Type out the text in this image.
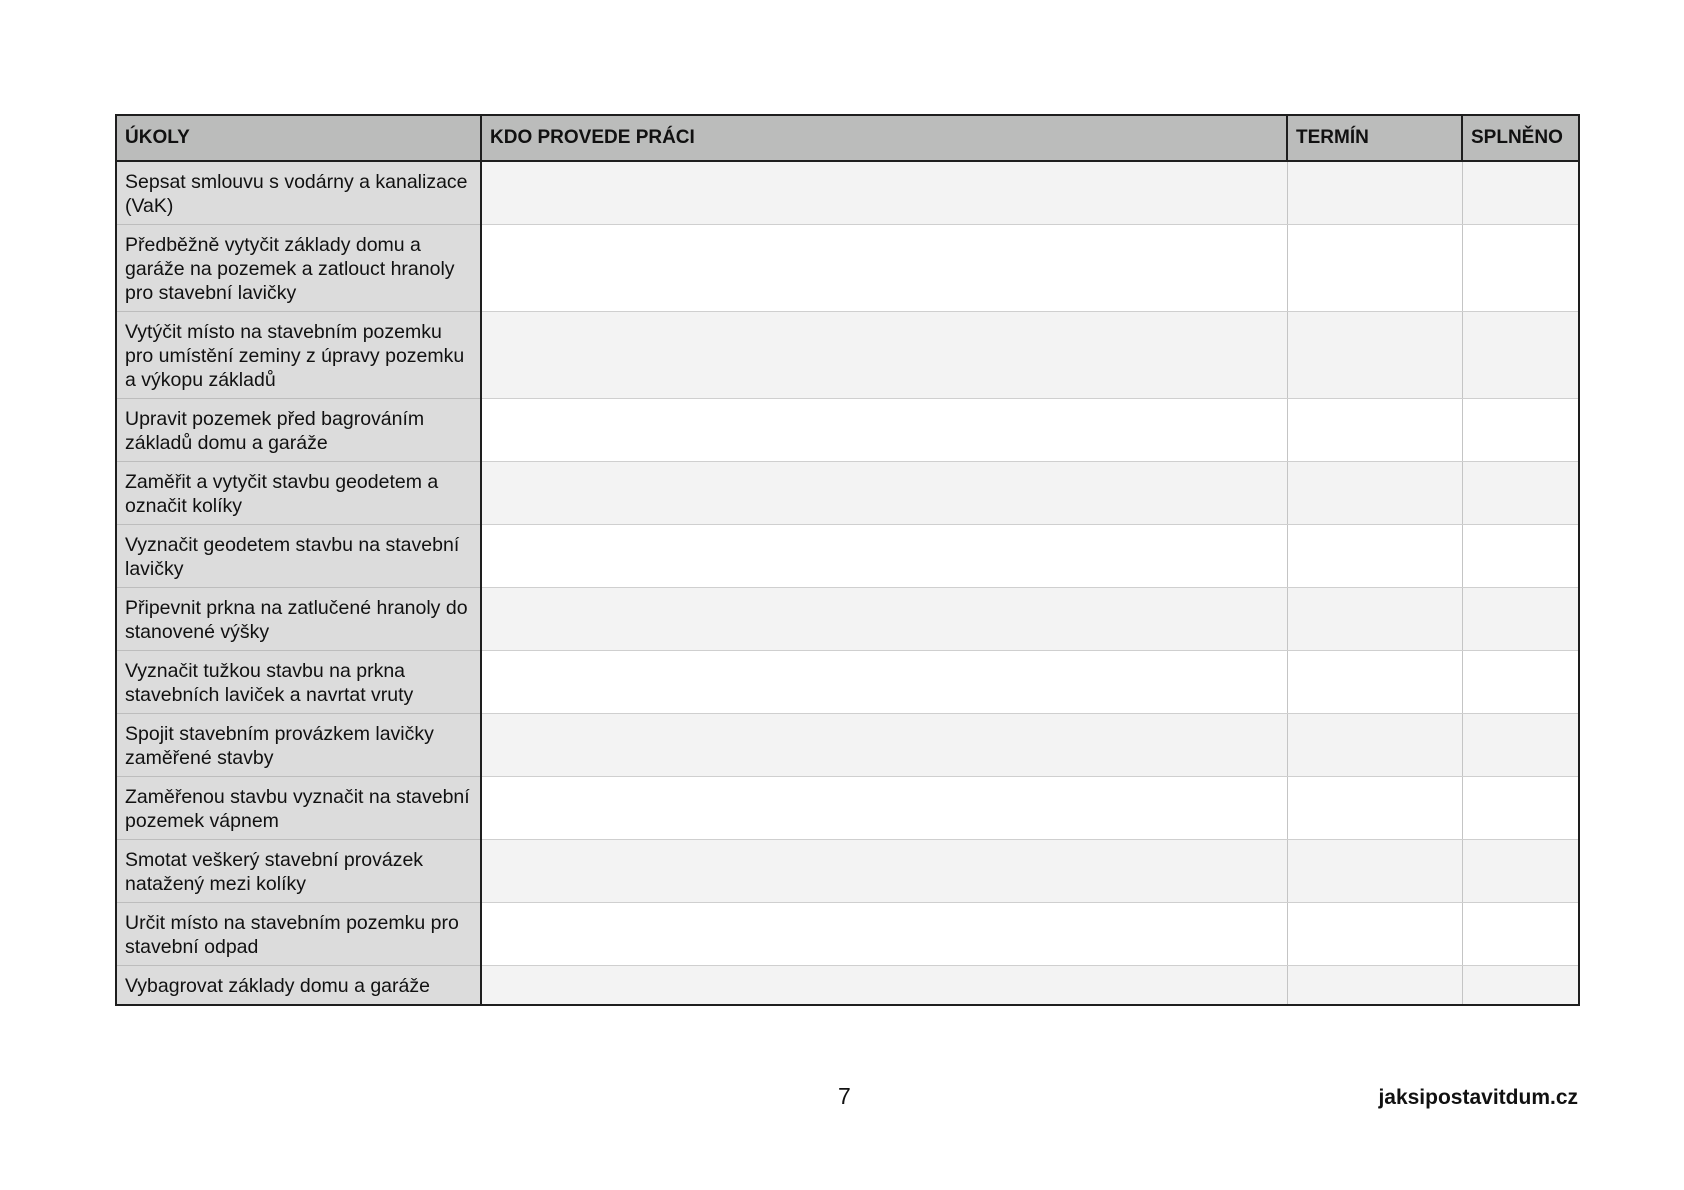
ÚKOLY	KDO PROVEDE PRÁCI	TERMÍN	SPLNĚNO
Sepsat smlouvu s vodárny a kanalizace (VaK)			
Předběžně vytyčit základy domu a garáže na pozemek a zatlouct hranoly pro stavební lavičky			
Vytýčit místo na stavebním pozemku pro umístění zeminy z úpravy pozemku a výkopu základů			
Upravit pozemek před bagrováním základů domu a garáže			
Zaměřit a vytyčit stavbu geodetem a označit kolíky			
Vyznačit geodetem stavbu na stavební lavičky			
Připevnit prkna na zatlučené hranoly do stanovené výšky			
Vyznačit tužkou stavbu na prkna stavebních laviček a navrtat vruty			
Spojit stavebním provázkem lavičky zaměřené stavby			
Zaměřenou stavbu vyznačit na stavební pozemek vápnem			
Smotat veškerý stavební provázek natažený mezi kolíky			
Určit místo na stavebním pozemku pro stavební odpad			
Vybagrovat základy domu a garáže			
7	jaksipostavitdum.cz
